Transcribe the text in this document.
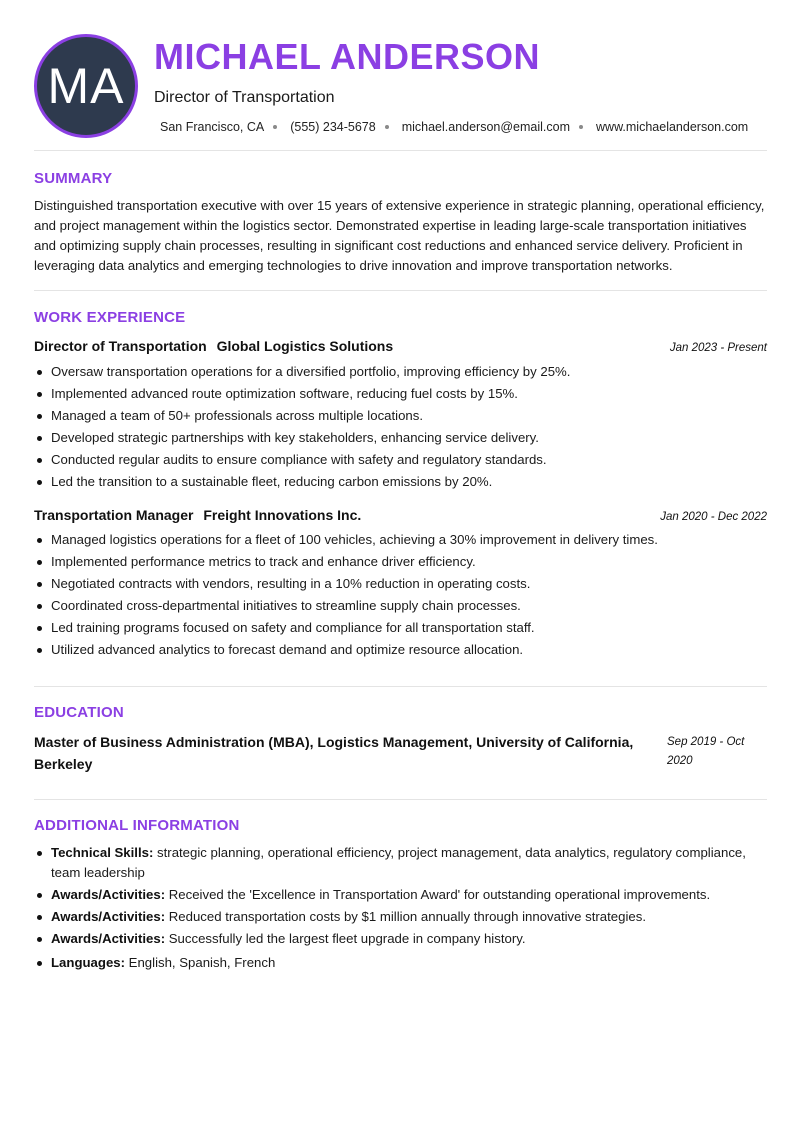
MA
MICHAEL ANDERSON
Director of Transportation
San Francisco, CA (555) 234-5678 michael.anderson@email.com www.michaelanderson.com
SUMMARY
Distinguished transportation executive with over 15 years of extensive experience in strategic planning, operational efficiency, and project management within the logistics sector. Demonstrated expertise in leading large-scale transportation initiatives and optimizing supply chain processes, resulting in significant cost reductions and enhanced service delivery. Proficient in leveraging data analytics and emerging technologies to drive innovation and improve transportation networks.
WORK EXPERIENCE
Director of Transportation Global Logistics Solutions	Jan 2023 - Present
Oversaw transportation operations for a diversified portfolio, improving efficiency by 25%.
Implemented advanced route optimization software, reducing fuel costs by 15%.
Managed a team of 50+ professionals across multiple locations.
Developed strategic partnerships with key stakeholders, enhancing service delivery.
Conducted regular audits to ensure compliance with safety and regulatory standards.
Led the transition to a sustainable fleet, reducing carbon emissions by 20%.
Transportation Manager Freight Innovations Inc.	Jan 2020 - Dec 2022
Managed logistics operations for a fleet of 100 vehicles, achieving a 30% improvement in delivery times.
Implemented performance metrics to track and enhance driver efficiency.
Negotiated contracts with vendors, resulting in a 10% reduction in operating costs.
Coordinated cross-departmental initiatives to streamline supply chain processes.
Led training programs focused on safety and compliance for all transportation staff.
Utilized advanced analytics to forecast demand and optimize resource allocation.
EDUCATION
Master of Business Administration (MBA), Logistics Management, University of California, Berkeley
Sep 2019 - Oct 2020
ADDITIONAL INFORMATION
Technical Skills: strategic planning, operational efficiency, project management, data analytics, regulatory compliance, team leadership
Awards/Activities: Received the 'Excellence in Transportation Award' for outstanding operational improvements.
Awards/Activities: Reduced transportation costs by $1 million annually through innovative strategies.
Awards/Activities: Successfully led the largest fleet upgrade in company history.
Languages: English, Spanish, French
